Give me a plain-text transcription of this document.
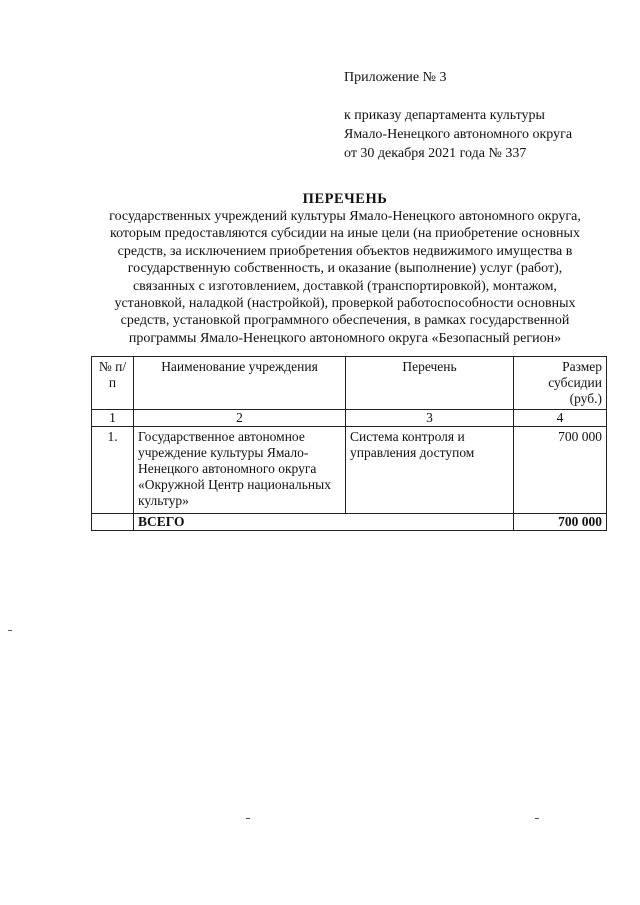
Приложение № 3
к приказу департамента культуры
Ямало-Ненецкого автономного округа
от 30 декабря 2021 года № 337
ПЕРЕЧЕНЬ
государственных учреждений культуры Ямало-Ненецкого автономного округа,
которым предоставляются субсидии на иные цели (на приобретение основных
средств, за исключением приобретения объектов недвижимого имущества в
государственную собственность, и оказание (выполнение) услуг (работ),
связанных с изготовлением, доставкой (транспортировкой), монтажом,
установкой, наладкой (настройкой), проверкой работоспособности основных
средств, установкой программного обеспечения, в рамках государственной
программы Ямало-Ненецкого автономного округа «Безопасный регион»
№ п/п	Наименование учреждения	Перечень	Размер субсидии (руб.)
1	2	3	4
1.	Государственное автономное учреждение культуры Ямало-Ненецкого автономного округа «Окружной Центр национальных культур»	Система контроля и управления доступом	700 000
	ВСЕГО		700 000
